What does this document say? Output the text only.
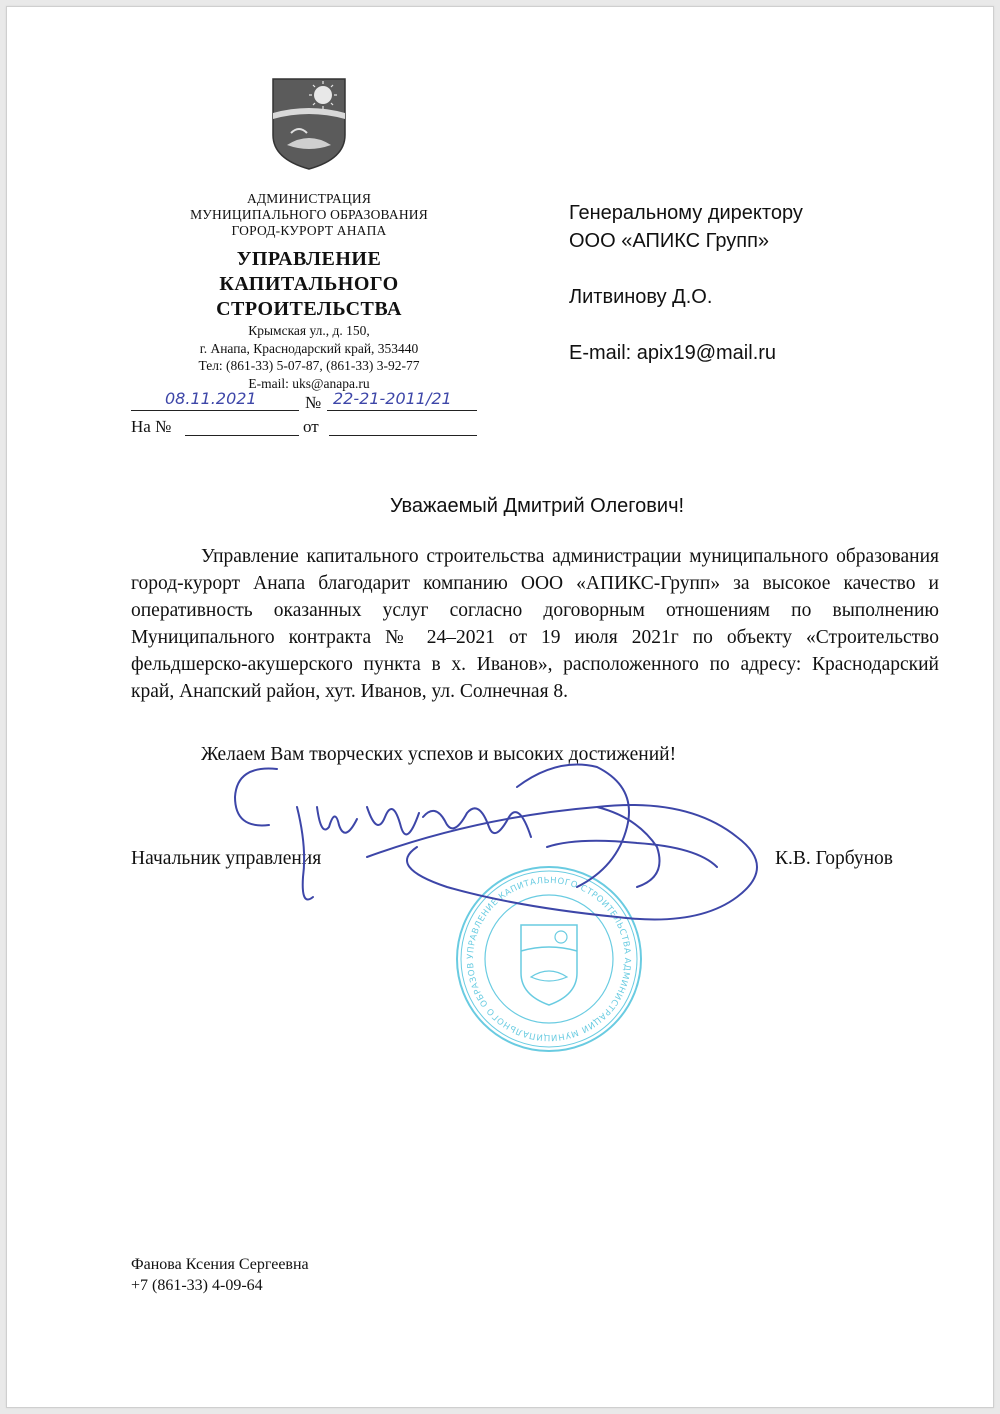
АДМИНИСТРАЦИЯ
МУНИЦИПАЛЬНОГО ОБРАЗОВАНИЯ
ГОРОД-КУРОРТ АНАПА
УПРАВЛЕНИЕ
КАПИТАЛЬНОГО
СТРОИТЕЛЬСТВА
Крымская ул., д. 150,
г. Анапа, Краснодарский край, 353440
Тел: (861-33) 5-07-87, (861-33) 3-92-77
E-mail: uks@anapa.ru
08.11.2021	№ 22-21-2011/21
На №	от
Генеральному директору
ООО «АПИКС Групп»
Литвинову Д.О.
E-mail: apix19@mail.ru
Уважаемый Дмитрий Олегович!
Управление капитального строительства администрации муниципального образования город-курорт Анапа благодарит компанию ООО «АПИКС-Групп» за высокое качество и оперативность оказанных услуг согласно договорным отношениям по выполнению Муниципального контракта № 24–2021 от 19 июля 2021г по объекту «Строительство фельдшерско-акушерского пункта в х. Иванов», расположенного по адресу: Краснодарский край, Анапский район, хут. Иванов, ул. Солнечная 8.
Желаем Вам творческих успехов и высоких достижений!
Начальник управления	К.В. Горбунов
УПРАВЛЕНИЕ КАПИТАЛЬНОГО СТРОИТЕЛЬСТВА АДМИНИСТРАЦИИ МУНИЦИПАЛЬНОГО ОБРАЗОВ
Фанова Ксения Сергеевна
+7 (861-33) 4-09-64
